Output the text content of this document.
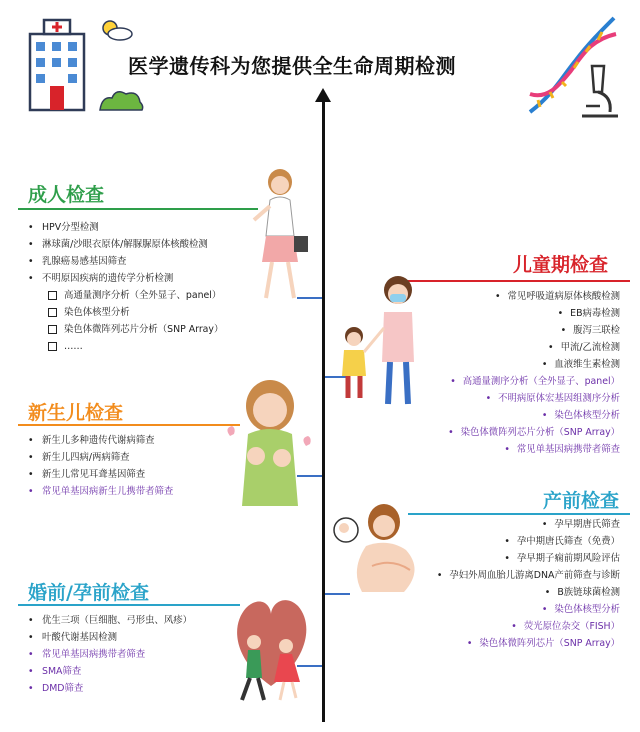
医学遗传科为您提供全生命周期检测
成人检查
• HPV分型检测
• 淋球菌/沙眼衣原体/解脲脲原体核酸检测
• 乳腺癌易感基因筛查
• 不明原因疾病的遗传学分析检测
高通量测序分析（全外显子、panel）
染色体核型分析
染色体微阵列芯片分析（SNP Array）
……
儿童期检查
• 常见呼吸道病原体核酸检测
• EB病毒检测
• 腹泻三联检
• 甲流/乙流检测
• 血液维生素检测
• 高通量测序分析（全外显子、panel）
• 不明病原体宏基因组测序分析
• 染色体核型分析
• 染色体微阵列芯片分析（SNP Array）
• 常见单基因病携带者筛查
新生儿检查
• 新生儿多种遗传代谢病筛查
• 新生儿四病/两病筛查
• 新生儿常见耳聋基因筛查
• 常见单基因病新生儿携带者筛查	产前检查
• 孕早期唐氏筛查
• 孕中期唐氏筛查（免费）
• 孕早期子痫前期风险评估
• 孕妇外周血胎儿游离DNA产前筛查与诊断
• B族链球菌检测
• 染色体核型分析
• 荧光原位杂交（FISH）
• 染色体微阵列芯片（SNP Array）
婚前/孕前检查
• 优生三项（巨细胞、弓形虫、风疹）
• 叶酸代谢基因检测
• 常见单基因病携带者筛查
• SMA筛查
• DMD筛查
